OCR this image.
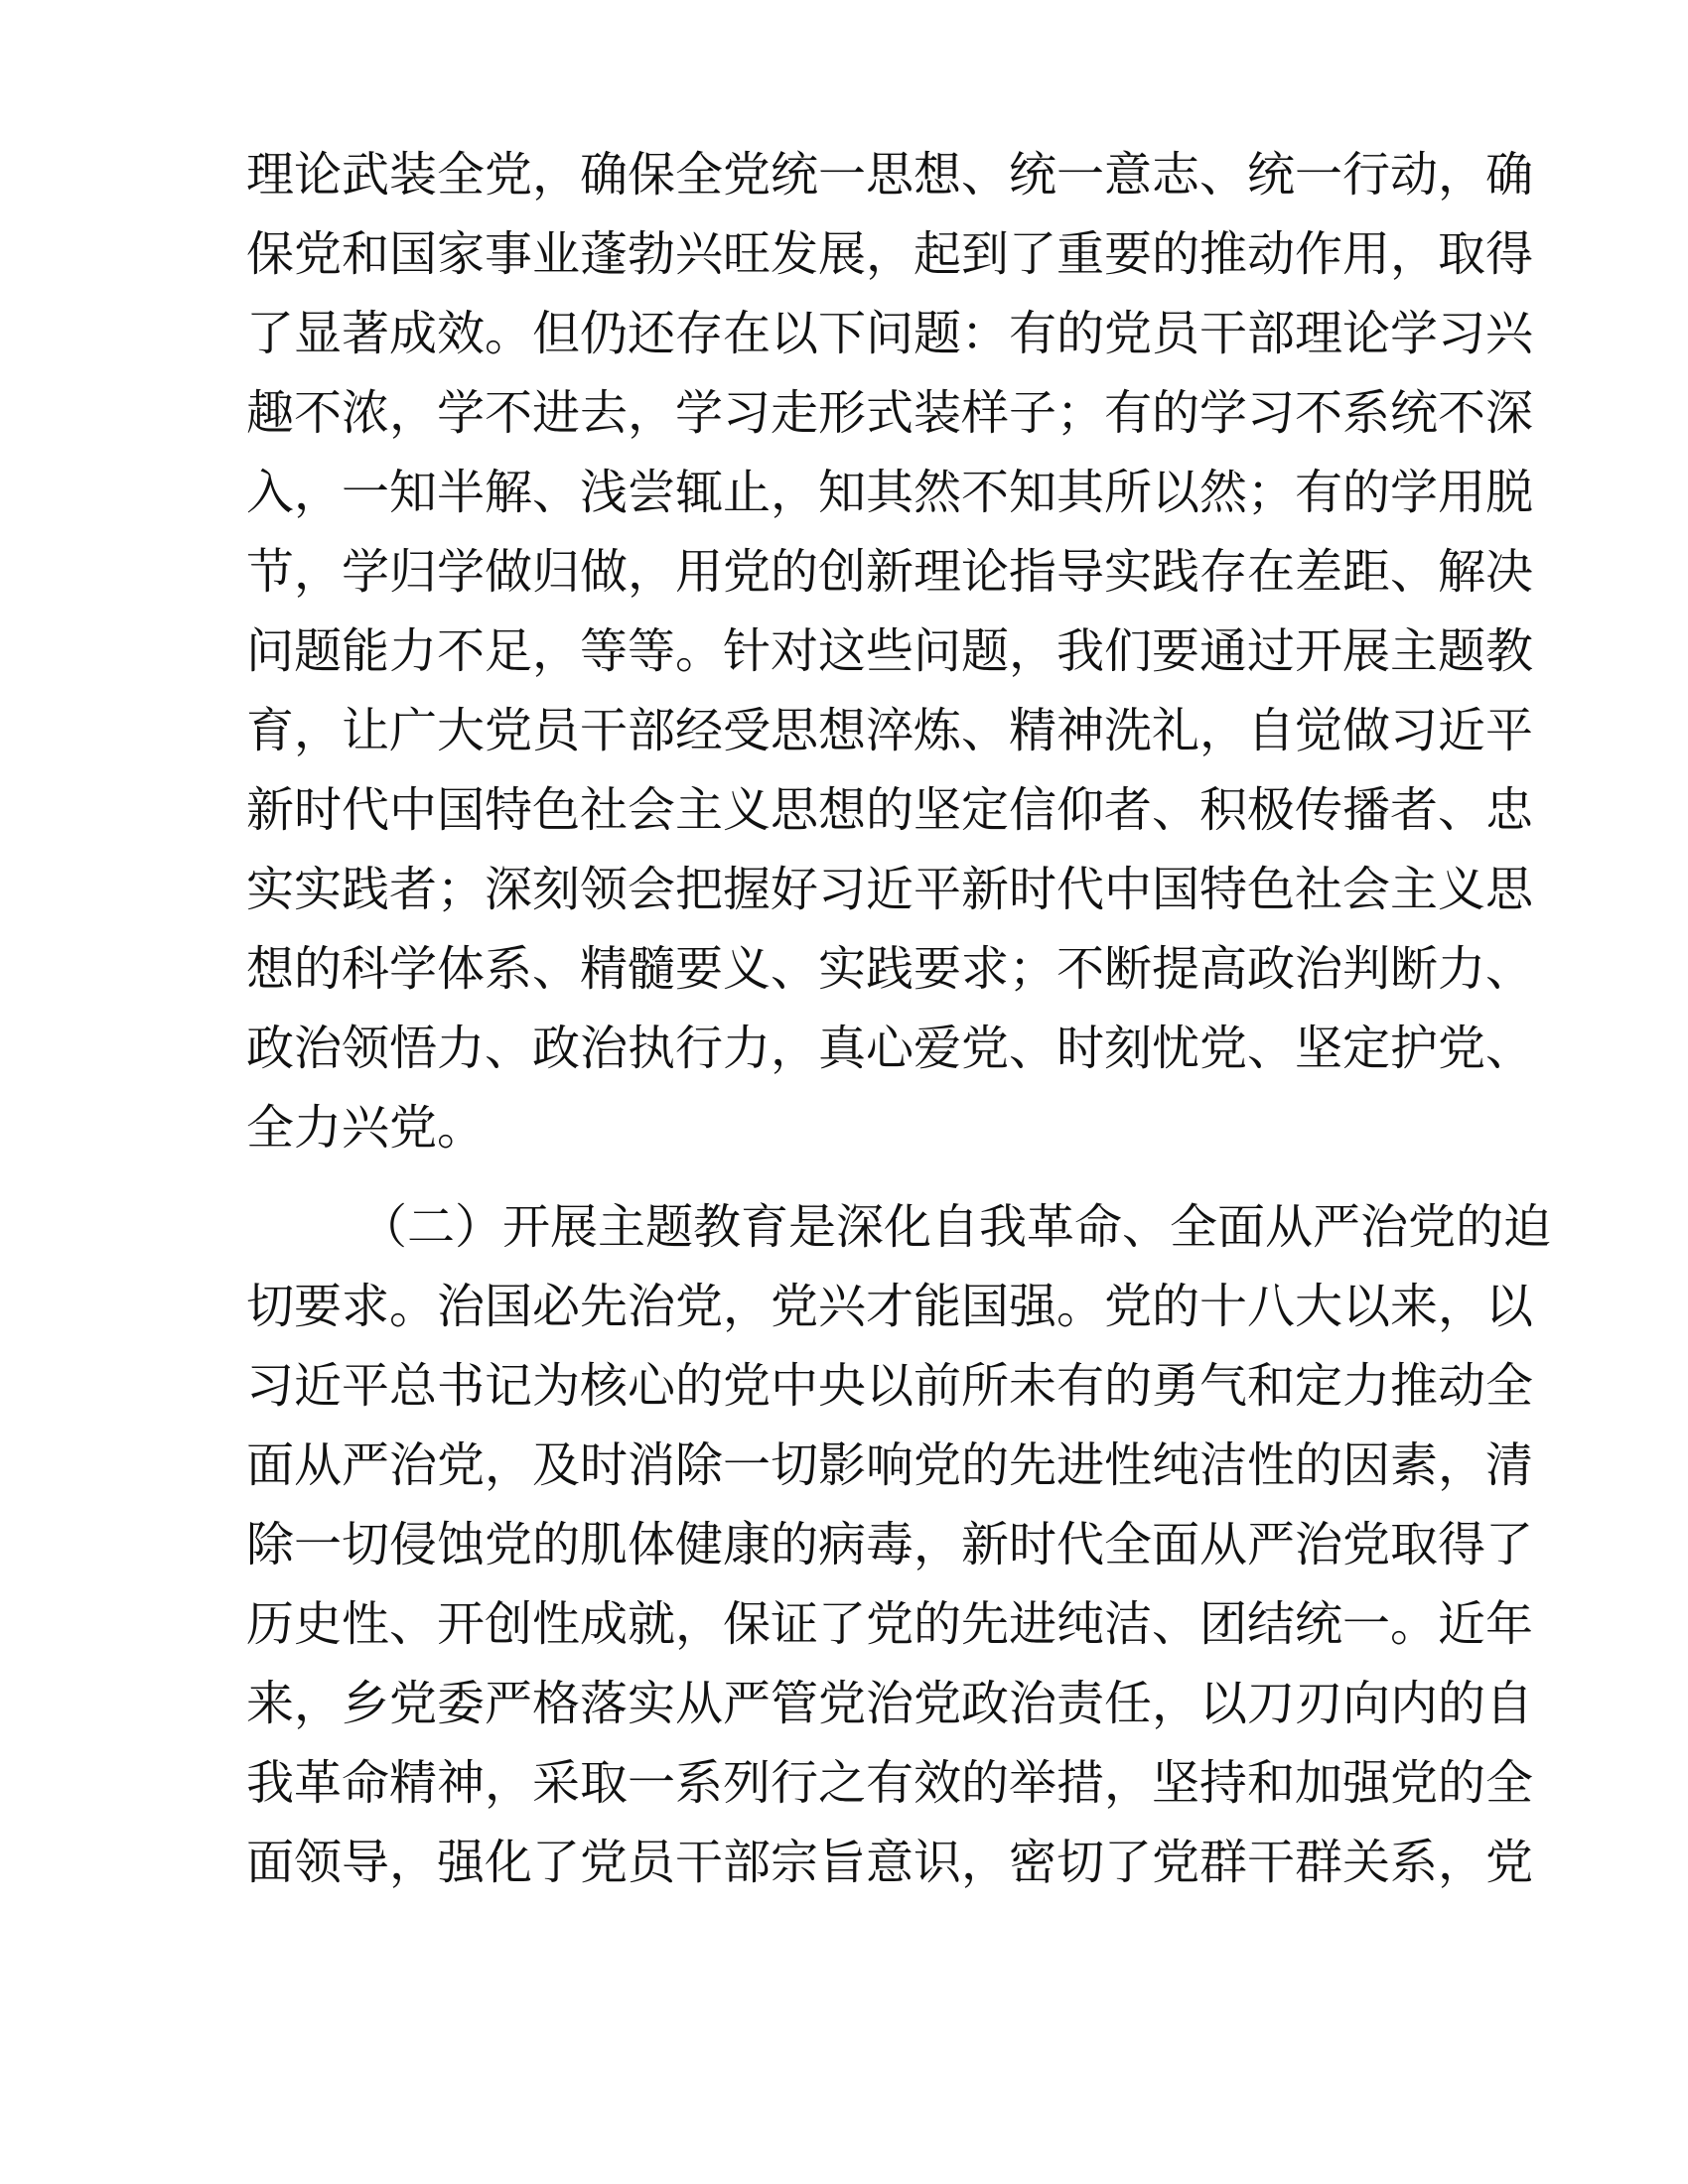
理论武装全党，确保全党统一思想、统一意志、统一行动，确
保党和国家事业蓬勃兴旺发展，起到了重要的推动作用，取得
了显著成效。但仍还存在以下问题：有的党员干部理论学习兴
趣不浓，学不进去，学习走形式装样子；有的学习不系统不深
入，一知半解、浅尝辄止，知其然不知其所以然；有的学用脱
节，学归学做归做，用党的创新理论指导实践存在差距、解决
问题能力不足，等等。针对这些问题，我们要通过开展主题教
育，让广大党员干部经受思想淬炼、精神洗礼，自觉做习近平
新时代中国特色社会主义思想的坚定信仰者、积极传播者、忠
实实践者；深刻领会把握好习近平新时代中国特色社会主义思
想的科学体系、精髓要义、实践要求；不断提高政治判断力、
政治领悟力、政治执行力，真心爱党、时刻忧党、坚定护党、
全力兴党。
（二）开展主题教育是深化自我革命、全面从严治党的迫
切要求。治国必先治党，党兴才能国强。党的十八大以来，以
习近平总书记为核心的党中央以前所未有的勇气和定力推动全
面从严治党，及时消除一切影响党的先进性纯洁性的因素，清
除一切侵蚀党的肌体健康的病毒，新时代全面从严治党取得了
历史性、开创性成就，保证了党的先进纯洁、团结统一。近年
来，乡党委严格落实从严管党治党政治责任，以刀刃向内的自
我革命精神，采取一系列行之有效的举措，坚持和加强党的全
面领导，强化了党员干部宗旨意识，密切了党群干群关系，党
